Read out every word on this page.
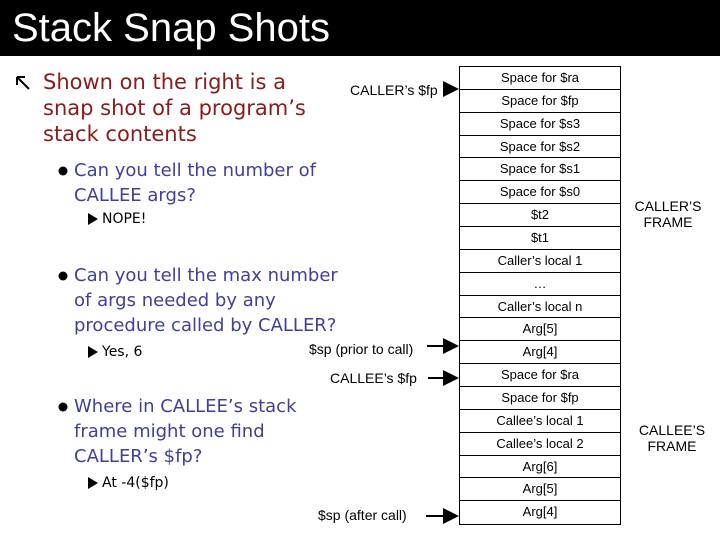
Stack Snap Shots
Shown on the right is a
snap shot of a program’s
stack contents
Can you tell the number of
CALLEE args?
NOPE!
Can you tell the max number
of args needed by any
procedure called by CALLER?
Yes, 6
Where in CALLEE’s stack
frame might one find
CALLER’s $fp?
At -4($fp)
CALLER’s $fp
$sp (prior to call)
CALLEE’s $fp
$sp (after call)
Space for $ra
Space for $fp
Space for $s3
Space for $s2
Space for $s1
Space for $s0
$t2
$t1
Caller’s local 1
…
Caller’s local n
Arg[5]
Arg[4]
Space for $ra
Space for $fp
Callee’s local 1
Callee’s local 2
Arg[6]
Arg[5]
Arg[4]
CALLER’S
FRAME
CALLEE’S
FRAME
